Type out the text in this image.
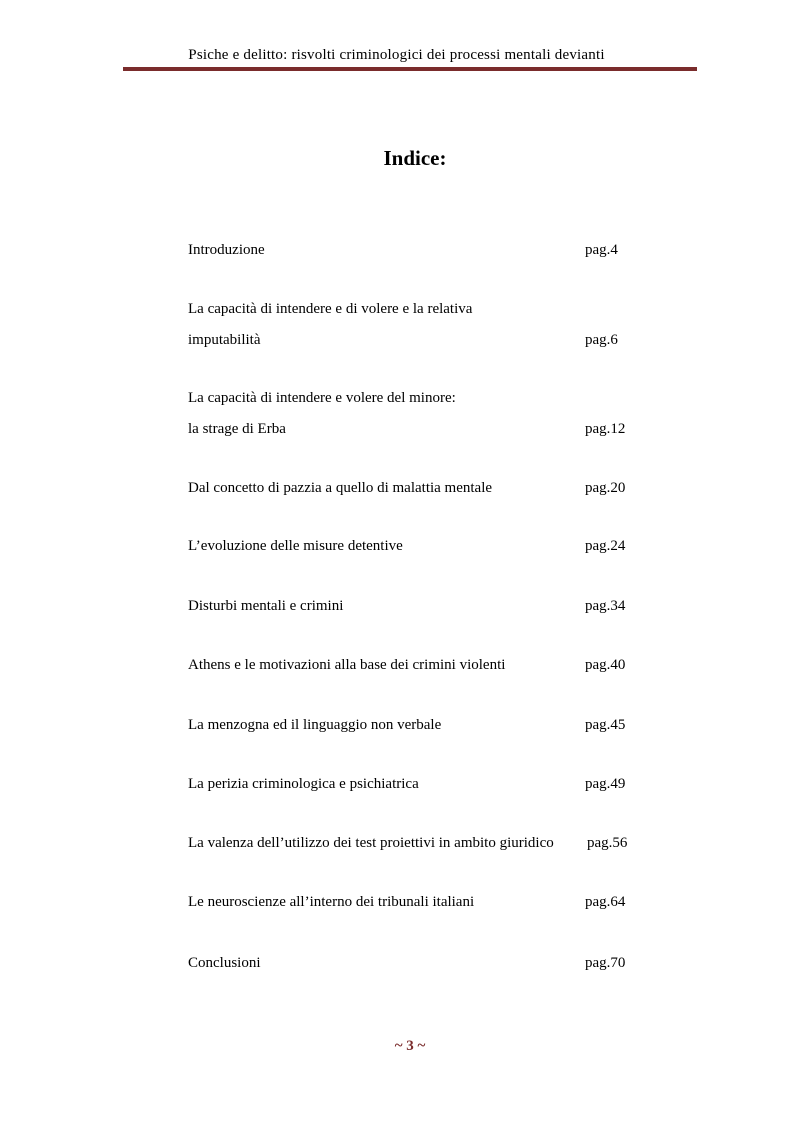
Psiche e delitto: risvolti criminologici dei processi mentali devianti
Indice:
Introduzione	pag.4
La capacità di intendere e di volere e la relativa
imputabilità	pag.6
La capacità di intendere e volere del minore:
la strage di Erba	pag.12
Dal concetto di pazzia a quello di malattia mentale	pag.20
L’evoluzione delle misure detentive	pag.24
Disturbi mentali e crimini	pag.34
Athens e le motivazioni alla base dei crimini violenti	pag.40
La menzogna ed il linguaggio non verbale	pag.45
La perizia criminologica e psichiatrica	pag.49
La valenza dell’utilizzo dei test proiettivi in ambito giuridico pag.56
Le neuroscienze all’interno dei tribunali italiani	pag.64
Conclusioni	pag.70
~ 3 ~
